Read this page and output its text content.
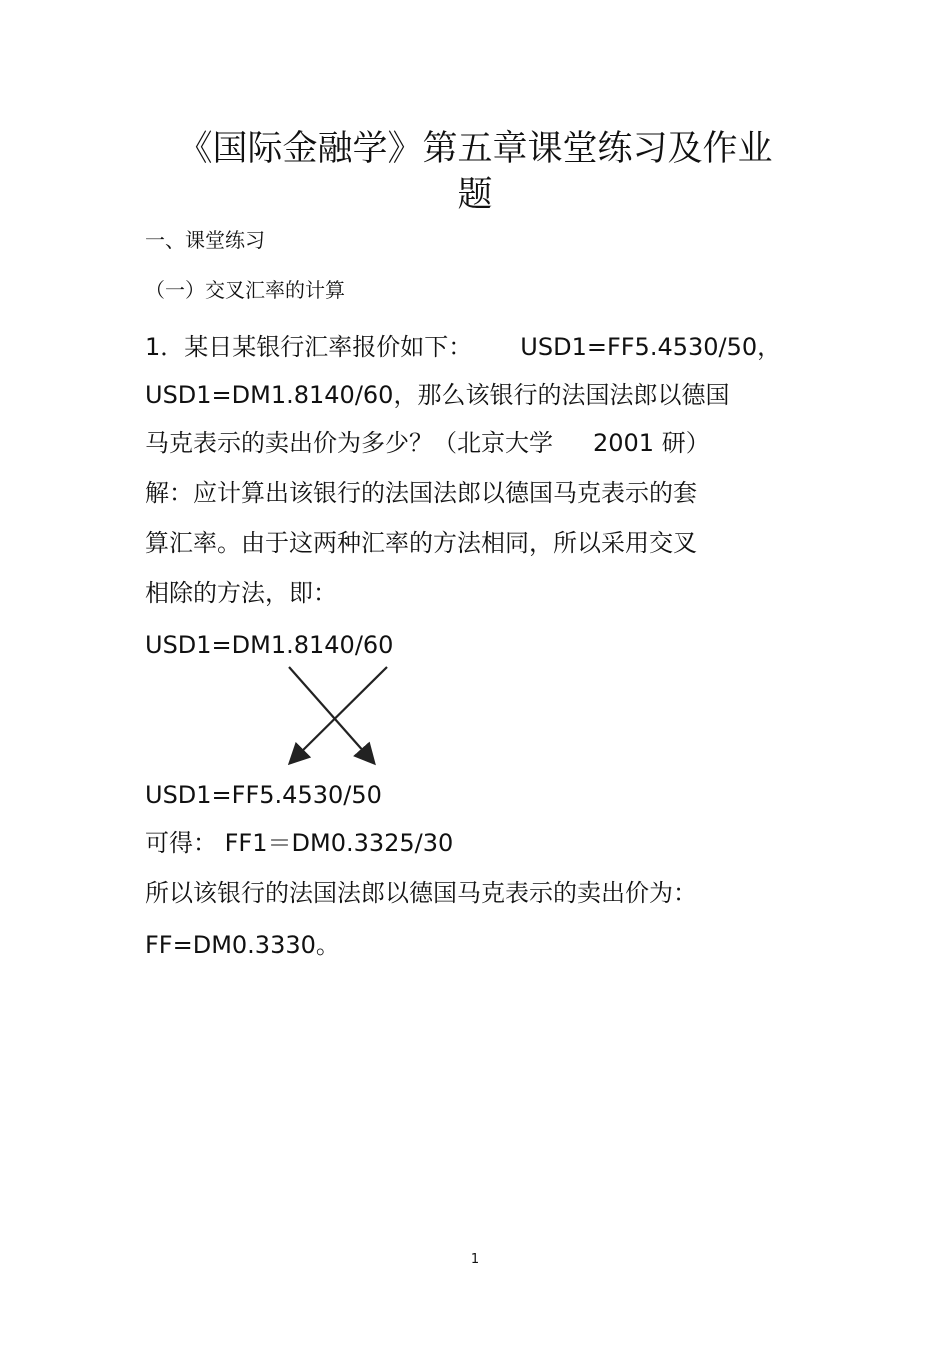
《国际金融学》第五章课堂练习及作业
题
一、课堂练习
（一）交叉汇率的计算
1．某日某银行汇率报价如下： USD1=FF5.4530/50，
USD1=DM1.8140/60，那么该银行的法国法郎以德国
马克表示的卖出价为多少？（北京大学 2001 研）
解：应计算出该银行的法国法郎以德国马克表示的套
算汇率。由于这两种汇率的方法相同，所以采用交叉
相除的方法，即：
USD1=DM1.8140/60
USD1=FF5.4530/50
可得： FF1＝DM0.3325/30
所以该银行的法国法郎以德国马克表示的卖出价为：
FF=DM0.3330。
1
